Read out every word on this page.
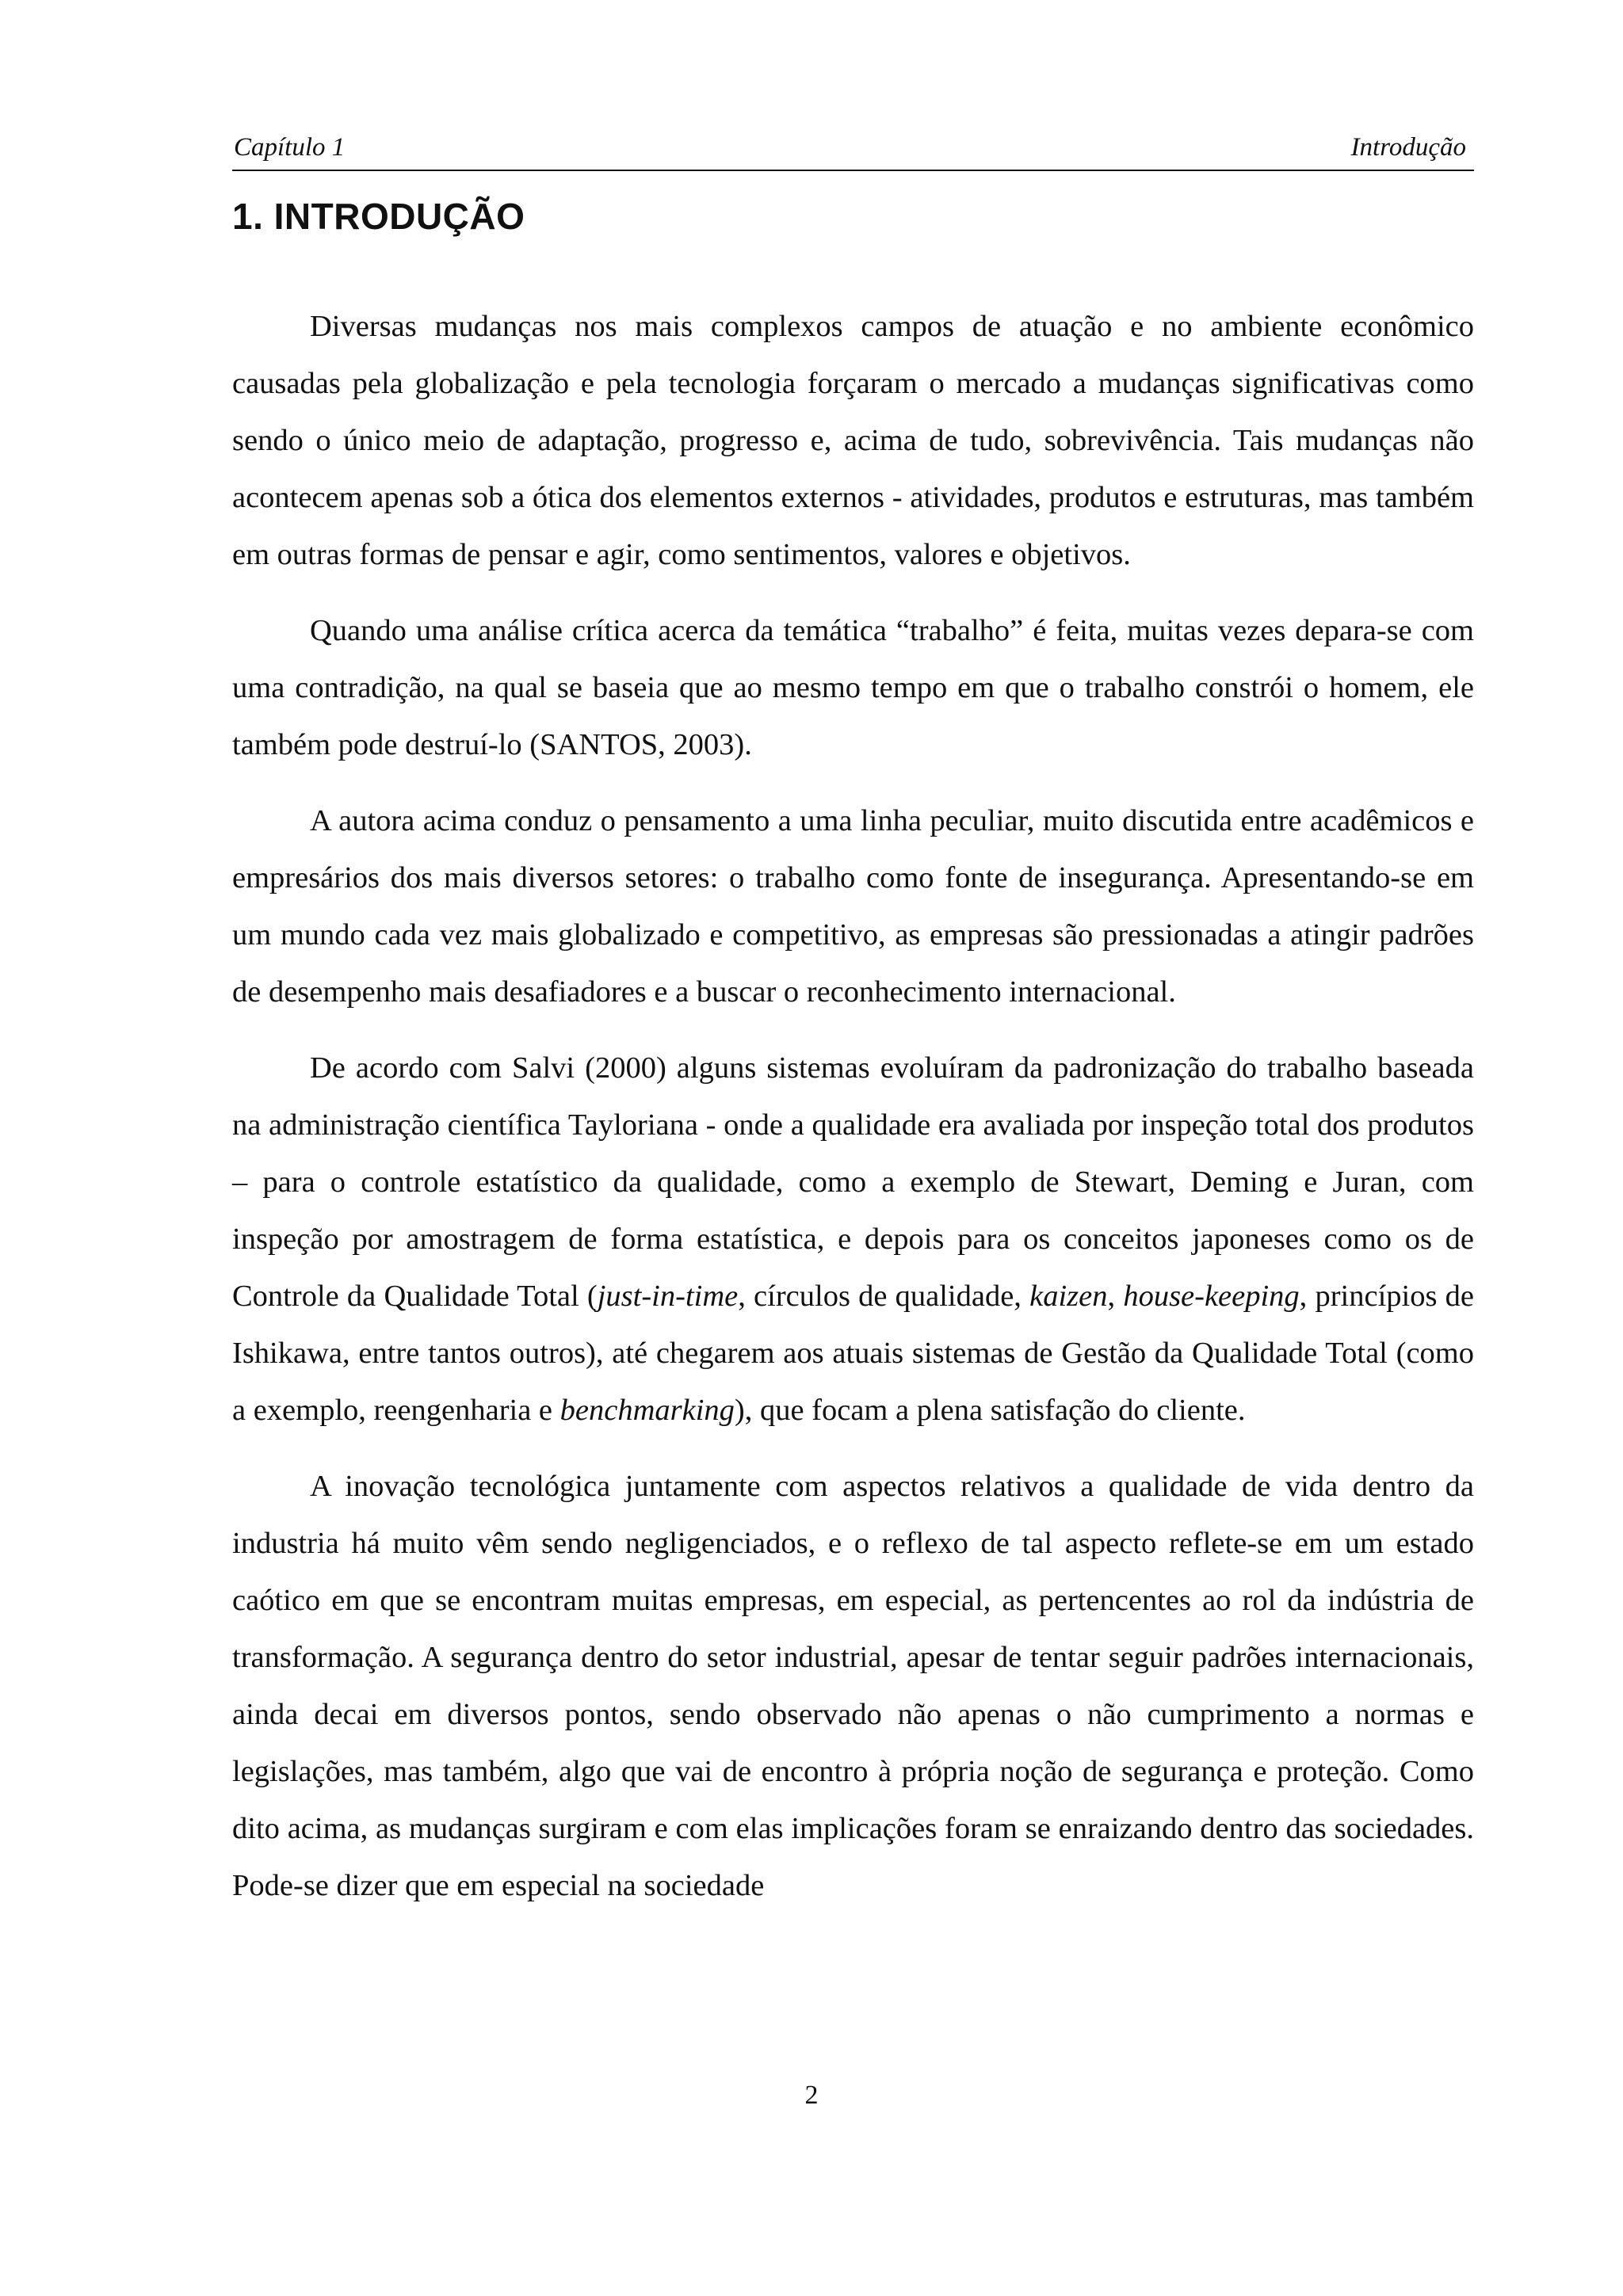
Capítulo 1	Introdução
1. INTRODUÇÃO

Diversas mudanças nos mais complexos campos de atuação e no ambiente econômico causadas pela globalização e pela tecnologia forçaram o mercado a mudanças significativas como sendo o único meio de adaptação, progresso e, acima de tudo, sobrevivência. Tais mudanças não acontecem apenas sob a ótica dos elementos externos - atividades, produtos e estruturas, mas também em outras formas de pensar e agir, como sentimentos, valores e objetivos.

Quando uma análise crítica acerca da temática “trabalho” é feita, muitas vezes depara-se com uma contradição, na qual se baseia que ao mesmo tempo em que o trabalho constrói o homem, ele também pode destruí-lo (SANTOS, 2003).

A autora acima conduz o pensamento a uma linha peculiar, muito discutida entre acadêmicos e empresários dos mais diversos setores: o trabalho como fonte de insegurança. Apresentando-se em um mundo cada vez mais globalizado e competitivo, as empresas são pressionadas a atingir padrões de desempenho mais desafiadores e a buscar o reconhecimento internacional.

De acordo com Salvi (2000) alguns sistemas evoluíram da padronização do trabalho baseada na administração científica Tayloriana - onde a qualidade era avaliada por inspeção total dos produtos – para o controle estatístico da qualidade, como a exemplo de Stewart, Deming e Juran, com inspeção por amostragem de forma estatística, e depois para os conceitos japoneses como os de Controle da Qualidade Total (just-in-time, círculos de qualidade, kaizen, house-keeping, princípios de Ishikawa, entre tantos outros), até chegarem aos atuais sistemas de Gestão da Qualidade Total (como a exemplo, reengenharia e benchmarking), que focam a plena satisfação do cliente.

A inovação tecnológica juntamente com aspectos relativos a qualidade de vida dentro da industria há muito vêm sendo negligenciados, e o reflexo de tal aspecto reflete-se em um estado caótico em que se encontram muitas empresas, em especial, as pertencentes ao rol da indústria de transformação. A segurança dentro do setor industrial, apesar de tentar seguir padrões internacionais, ainda decai em diversos pontos, sendo observado não apenas o não cumprimento a normas e legislações, mas também, algo que vai de encontro à própria noção de segurança e proteção. Como dito acima, as mudanças surgiram e com elas implicações foram se enraizando dentro das sociedades. Pode-se dizer que em especial na sociedade

2
